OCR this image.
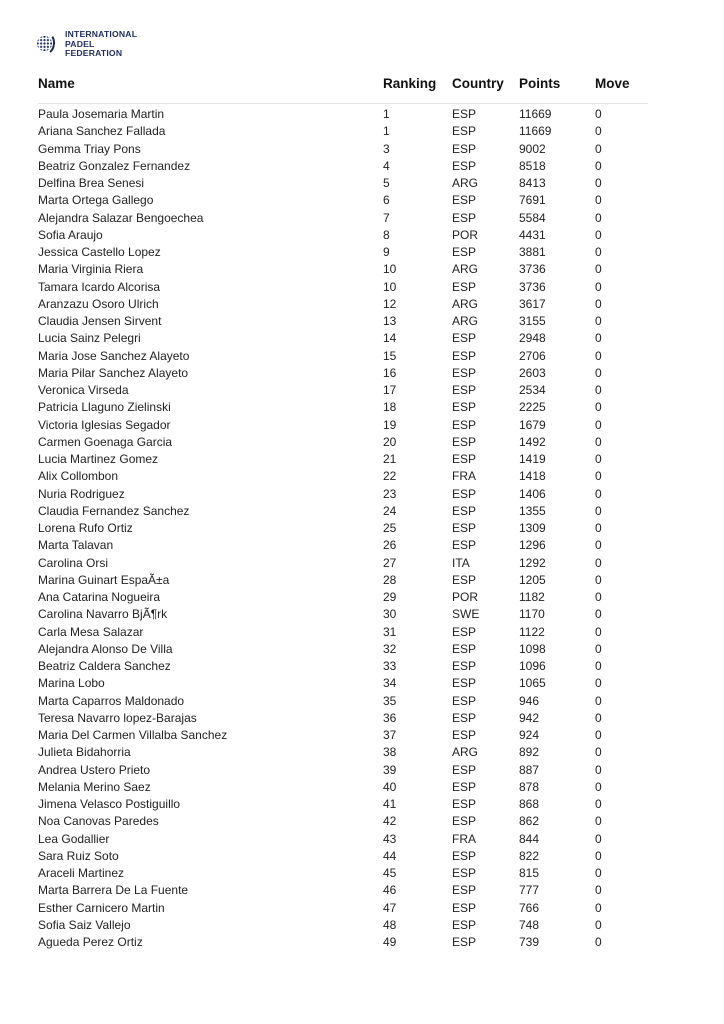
INTERNATIONAL
PADEL
FEDERATION
Name	Ranking	Country	Points	Move
Paula Josemaria Martin	1	ESP	11669	0
Ariana Sanchez Fallada	1	ESP	11669	0
Gemma Triay Pons	3	ESP	9002	0
Beatriz Gonzalez Fernandez	4	ESP	8518	0
Delfina Brea Senesi	5	ARG	8413	0
Marta Ortega Gallego	6	ESP	7691	0
Alejandra Salazar Bengoechea	7	ESP	5584	0
Sofia Araujo	8	POR	4431	0
Jessica Castello Lopez	9	ESP	3881	0
Maria Virginia Riera	10	ARG	3736	0
Tamara Icardo Alcorisa	10	ESP	3736	0
Aranzazu Osoro Ulrich	12	ARG	3617	0
Claudia Jensen Sirvent	13	ARG	3155	0
Lucia Sainz Pelegri	14	ESP	2948	0
Maria Jose Sanchez Alayeto	15	ESP	2706	0
Maria Pilar Sanchez Alayeto	16	ESP	2603	0
Veronica Virseda	17	ESP	2534	0
Patricia Llaguno Zielinski	18	ESP	2225	0
Victoria Iglesias Segador	19	ESP	1679	0
Carmen Goenaga Garcia	20	ESP	1492	0
Lucia Martinez Gomez	21	ESP	1419	0
Alix Collombon	22	FRA	1418	0
Nuria Rodriguez	23	ESP	1406	0
Claudia Fernandez Sanchez	24	ESP	1355	0
Lorena Rufo Ortiz	25	ESP	1309	0
Marta Talavan	26	ESP	1296	0
Carolina Orsi	27	ITA	1292	0
Marina Guinart EspaÃ±a	28	ESP	1205	0
Ana Catarina Nogueira	29	POR	1182	0
Carolina Navarro BjÃ¶rk	30	SWE	1170	0
Carla Mesa Salazar	31	ESP	1122	0
Alejandra Alonso De Villa	32	ESP	1098	0
Beatriz Caldera Sanchez	33	ESP	1096	0
Marina Lobo	34	ESP	1065	0
Marta Caparros Maldonado	35	ESP	946	0
Teresa Navarro lopez-Barajas	36	ESP	942	0
Maria Del Carmen Villalba Sanchez	37	ESP	924	0
Julieta Bidahorria	38	ARG	892	0
Andrea Ustero Prieto	39	ESP	887	0
Melania Merino Saez	40	ESP	878	0
Jimena Velasco Postiguillo	41	ESP	868	0
Noa Canovas Paredes	42	ESP	862	0
Lea Godallier	43	FRA	844	0
Sara Ruiz Soto	44	ESP	822	0
Araceli Martinez	45	ESP	815	0
Marta Barrera De La Fuente	46	ESP	777	0
Esther Carnicero Martin	47	ESP	766	0
Sofia Saiz Vallejo	48	ESP	748	0
Agueda Perez Ortiz	49	ESP	739	0
